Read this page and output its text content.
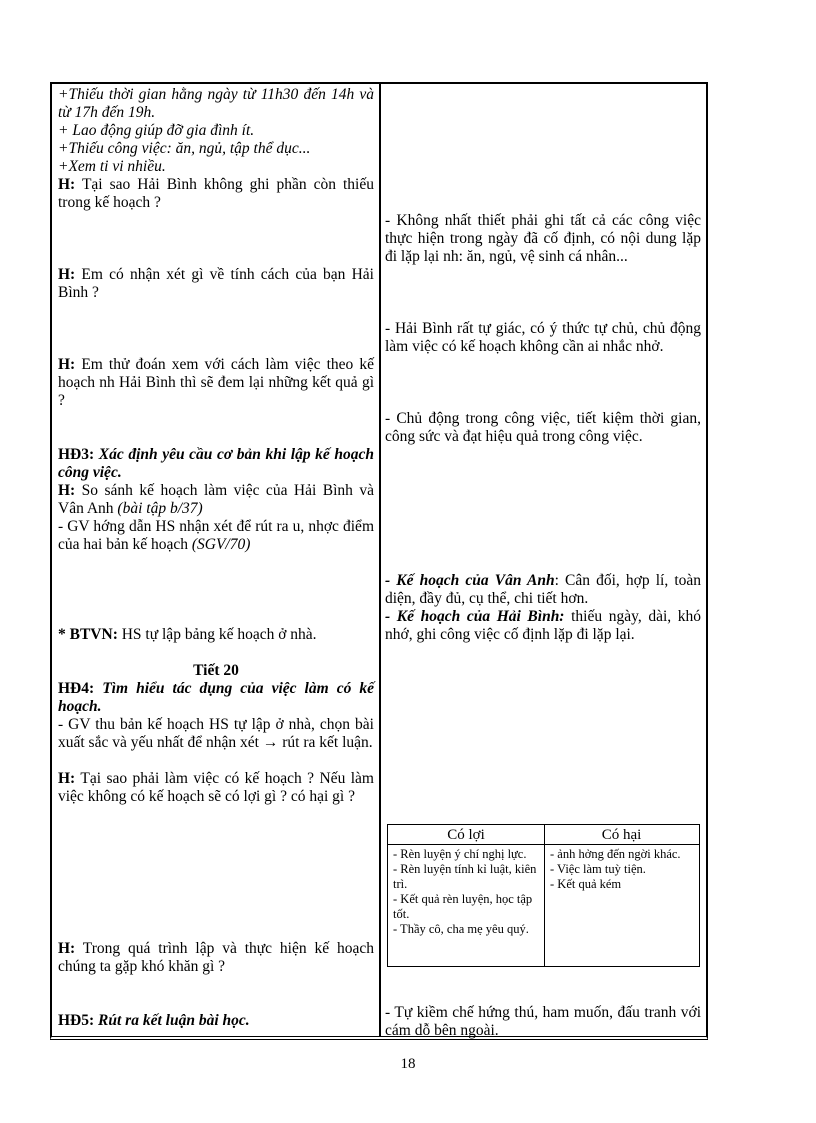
+Thiếu thời gian hằng ngày từ 11h30 đến 14h và từ 17h đến 19h.
+ Lao động giúp đỡ gia đình ít.
+Thiếu công việc: ăn, ngủ, tập thể dục...
+Xem ti vi nhiều.
H: Tại sao Hải Bình không ghi phần còn thiếu trong kế hoạch ?
H: Em có nhận xét gì về tính cách của bạn Hải Bình ?
H: Em thử đoán xem với cách làm việc theo kế hoạch nh Hải Bình thì sẽ đem lại những kết quả gì ?
HĐ3: Xác định yêu cầu cơ bản khi lập kế hoạch công việc.
H: So sánh kế hoạch làm việc của Hải Bình và Vân Anh (bài tập b/37)
- GV hớng dẫn HS nhận xét để rút ra u, nhợc điểm của hai bản kế hoạch (SGV/70)
* BTVN: HS tự lập bảng kế hoạch ở nhà.
Tiết 20
HĐ4: Tìm hiểu tác dụng của việc làm có kế hoạch.
- GV thu bản kế hoạch HS tự lập ở nhà, chọn bài xuất sắc và yếu nhất để nhận xét → rút ra kết luận.
H: Tại sao phải làm việc có kế hoạch ? Nếu làm việc không có kế hoạch sẽ có lợi gì ? có hại gì ?
H: Trong quá trình lập và thực hiện kế hoạch chúng ta gặp khó khăn gì ?
HĐ5: Rút ra kết luận bài học.
- Không nhất thiết phải ghi tất cả các công việc thực hiện trong ngày đã cố định, có nội dung lặp đi lặp lại nh: ăn, ngủ, vệ sinh cá nhân...
- Hải Bình rất tự giác, có ý thức tự chủ, chủ động làm việc có kế hoạch không cần ai nhắc nhở.
- Chủ động trong công việc, tiết kiệm thời gian, công sức và đạt hiệu quả trong công việc.
- Kế hoạch của Vân Anh: Cân đối, hợp lí, toàn diện, đầy đủ, cụ thể, chi tiết hơn.
- Kế hoạch của Hải Bình: thiếu ngày, dài, khó nhớ, ghi công việc cố định lặp đi lặp lại.
- Tự kiềm chế hứng thú, ham muốn, đấu tranh với cám dỗ bên ngoài.
Có lợi	Có hại
- Rèn luyện ý chí nghị lực.
- Rèn luyện tính kỉ luật, kiên trì.
- Kết quả rèn luyện, học tập tốt.
- Thầy cô, cha mẹ yêu quý.
- ảnh hởng đến ngời khác.
- Việc làm tuỳ tiện.
- Kết quả kém
18
